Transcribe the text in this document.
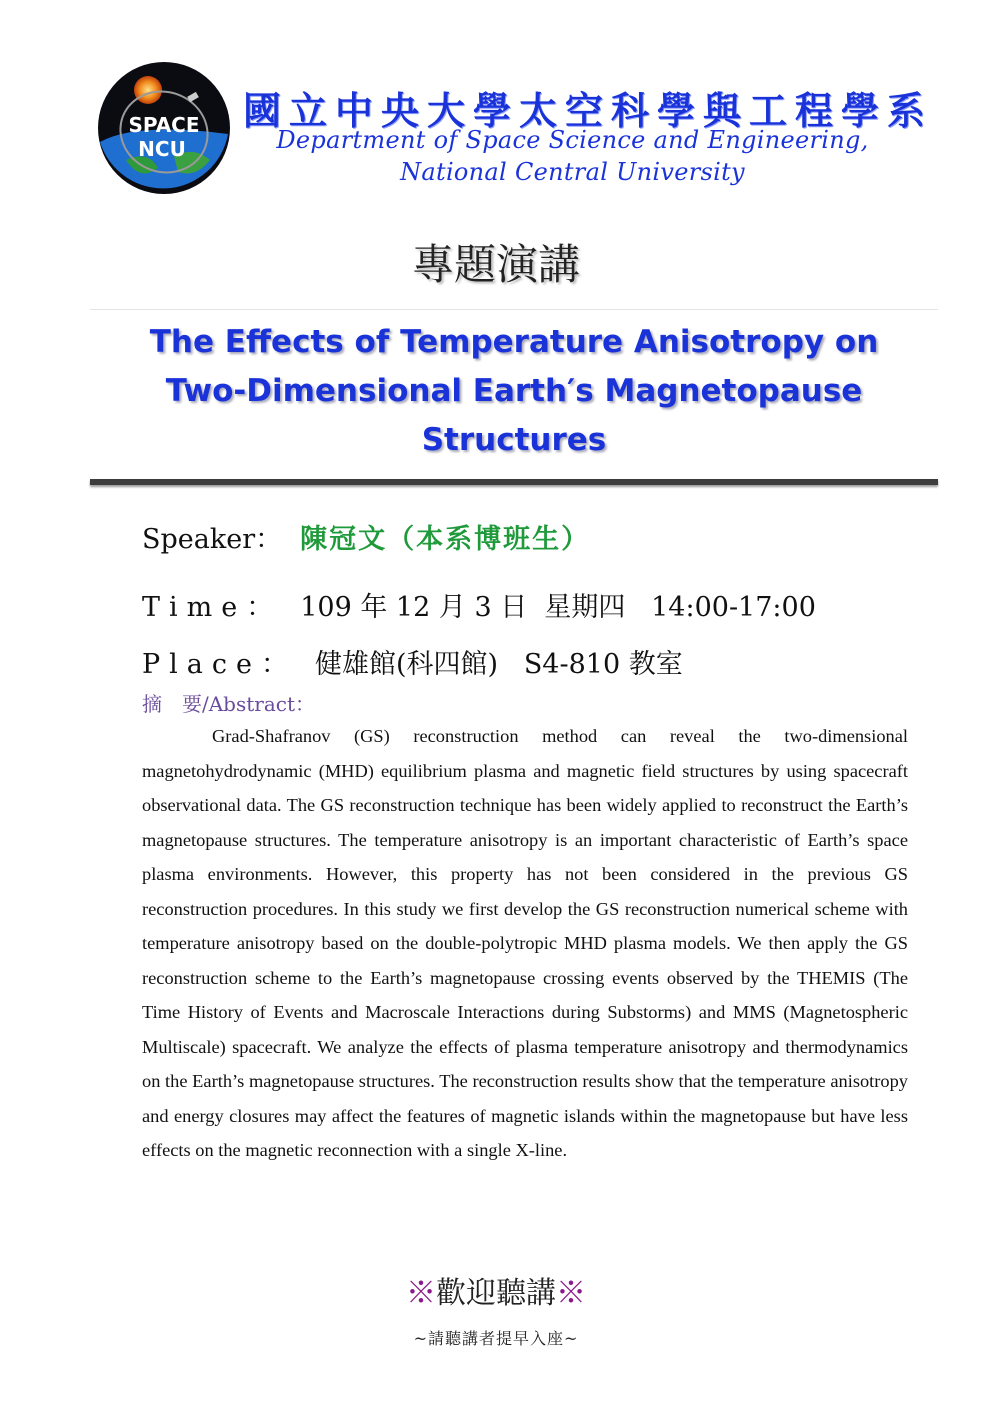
SPACE
NCU
國立中央大學太空科學與工程學系
Department of Space Science and Engineering,
National Central University
專題演講
The Effects of Temperature Anisotropy on Two-Dimensional Earth′s Magnetopause Structures
Speaker： 陳冠文（本系博班生）
Time： 109 年 12 月 3 日  星期四   14:00-17:00
Place： 健雄館(科四館)   S4-810 教室
摘　要/Abstract：
Grad-Shafranov (GS) reconstruction method can reveal the two-dimensional magnetohydrodynamic (MHD) equilibrium plasma and magnetic field structures by using spacecraft observational data. The GS reconstruction technique has been widely applied to reconstruct the Earth’s magnetopause structures. The temperature anisotropy is an important characteristic of Earth’s space plasma environments. However, this property has not been considered in the previous GS reconstruction procedures. In this study we first develop the GS reconstruction numerical scheme with temperature anisotropy based on the double-polytropic MHD plasma models. We then apply the GS reconstruction scheme to the Earth’s magnetopause crossing events observed by the THEMIS (The Time History of Events and Macroscale Interactions during Substorms) and MMS (Magnetospheric Multiscale) spacecraft. We analyze the effects of plasma temperature anisotropy and thermodynamics on the Earth’s magnetopause structures. The reconstruction results show that the temperature anisotropy and energy closures may affect the features of magnetic islands within the magnetopause but have less effects on the magnetic reconnection with a single X-line.
※歡迎聽講※
~請聽講者提早入座~
